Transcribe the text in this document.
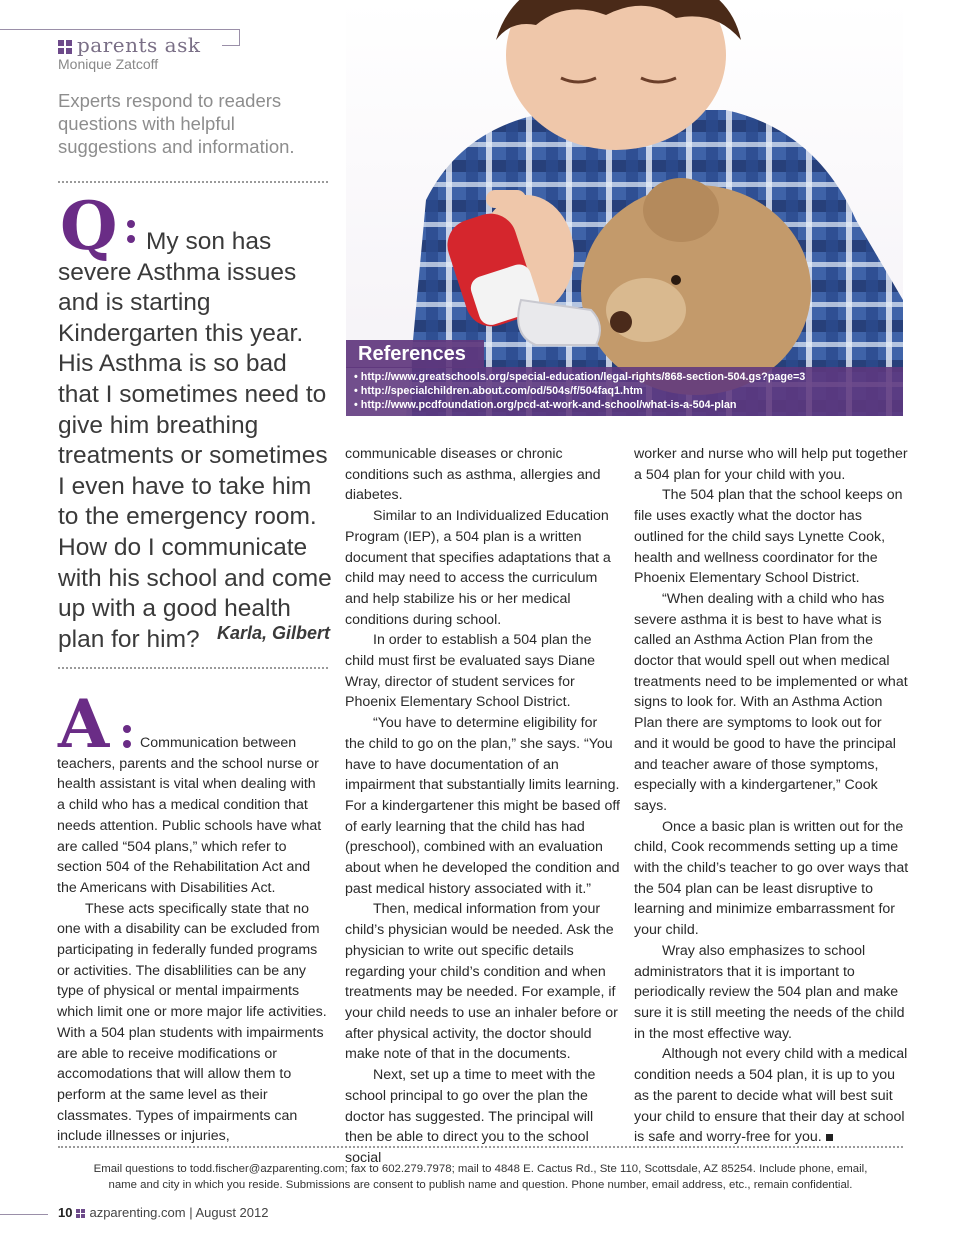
parents ask
Monique Zatcoff
Experts respond to readers questions with helpful suggestions and information.
Q	My son has severe Asthma issues and is starting Kindergarten this year. His Asthma is so bad that I sometimes need to give him breathing treatments or sometimes I even have to take him to the emergency room. How do I communicate with his school and come up with a good health plan for him? Karla, Gilbert
A	Communication between teachers, parents and the school nurse or health assistant is vital when dealing with a child who has a medical condition that needs attention. Public schools have what are called “504 plans,” which refer to section 504 of the Rehabilitation Act and the Americans with Disabilities Act.

These acts specifically state that no one with a disability can be excluded from participating in federally funded programs or activities. The disablilities can be any type of physical or mental impairments which limit one or more major life activities. With a 504 plan students with impairments are able to receive modifications or accomodations that will allow them to perform at the same level as their classmates. Types of impairments can include illnesses or injuries,

communicable diseases or chronic conditions such as asthma, allergies and diabetes.

Similar to an Individualized Education Program (IEP), a 504 plan is a written document that specifies adaptations that a child may need to access the curriculum and help stabilize his or her medical conditions during school.

In order to establish a 504 plan the child must first be evaluated says Diane Wray, director of student services for Phoenix Elementary School District.

“You have to determine eligibility for the child to go on the plan,” she says. “You have to have documentation of an impairment that substantially limits learning. For a kindergartener this might be based off of early learning that the child has had (preschool), combined with an evaluation about when he developed the condition and past medical history associated with it.”

Then, medical information from your child’s physician would be needed. Ask the physician to write out specific details regarding your child’s condition and when treatments may be needed. For example, if your child needs to use an inhaler before or after physical activity, the doctor should make note of that in the documents.

Next, set up a time to meet with the school principal to go over the plan the doctor has suggested. The principal will then be able to direct you to the school social

worker and nurse who will help put together a 504 plan for your child with you.

The 504 plan that the school keeps on file uses exactly what the doctor has outlined for the child says Lynette Cook, health and wellness coordinator for the Phoenix Elementary School District.

“When dealing with a child who has severe asthma it is best to have what is called an Asthma Action Plan from the doctor that would spell out when medical treatments need to be implemented or what signs to look for. With an Asthma Action Plan there are symptoms to look out for and it would be good to have the principal and teacher aware of those symptoms, especially with a kindergartener,” Cook says.

Once a basic plan is written out for the child, Cook recommends setting up a time with the child’s teacher to go over ways that the 504 plan can be least disruptive to learning and minimize embarrassment for your child.

Wray also emphasizes to school administrators that it is important to periodically review the 504 plan and make sure it is still meeting the needs of the child in the most effective way.

Although not every child with a medical condition needs a 504 plan, it is up to you as the parent to decide what will best suit your child to ensure that their day at school is safe and worry-free for you.

References
• http://www.greatschools.org/special-education/legal-rights/868-section-504.gs?page=3
• http://specialchildren.about.com/od/504s/f/504faq1.htm
• http://www.pcdfoundation.org/pcd-at-work-and-school/what-is-a-504-plan
Email questions to todd.fischer@azparenting.com; fax to 602.279.7978; mail to 4848 E. Cactus Rd., Ste 110, Scottsdale, AZ 85254. Include phone, email,
name and city in which you reside. Submissions are consent to publish name and question. Phone number, email address, etc., remain confidential.
10 azparenting.com | August 2012
